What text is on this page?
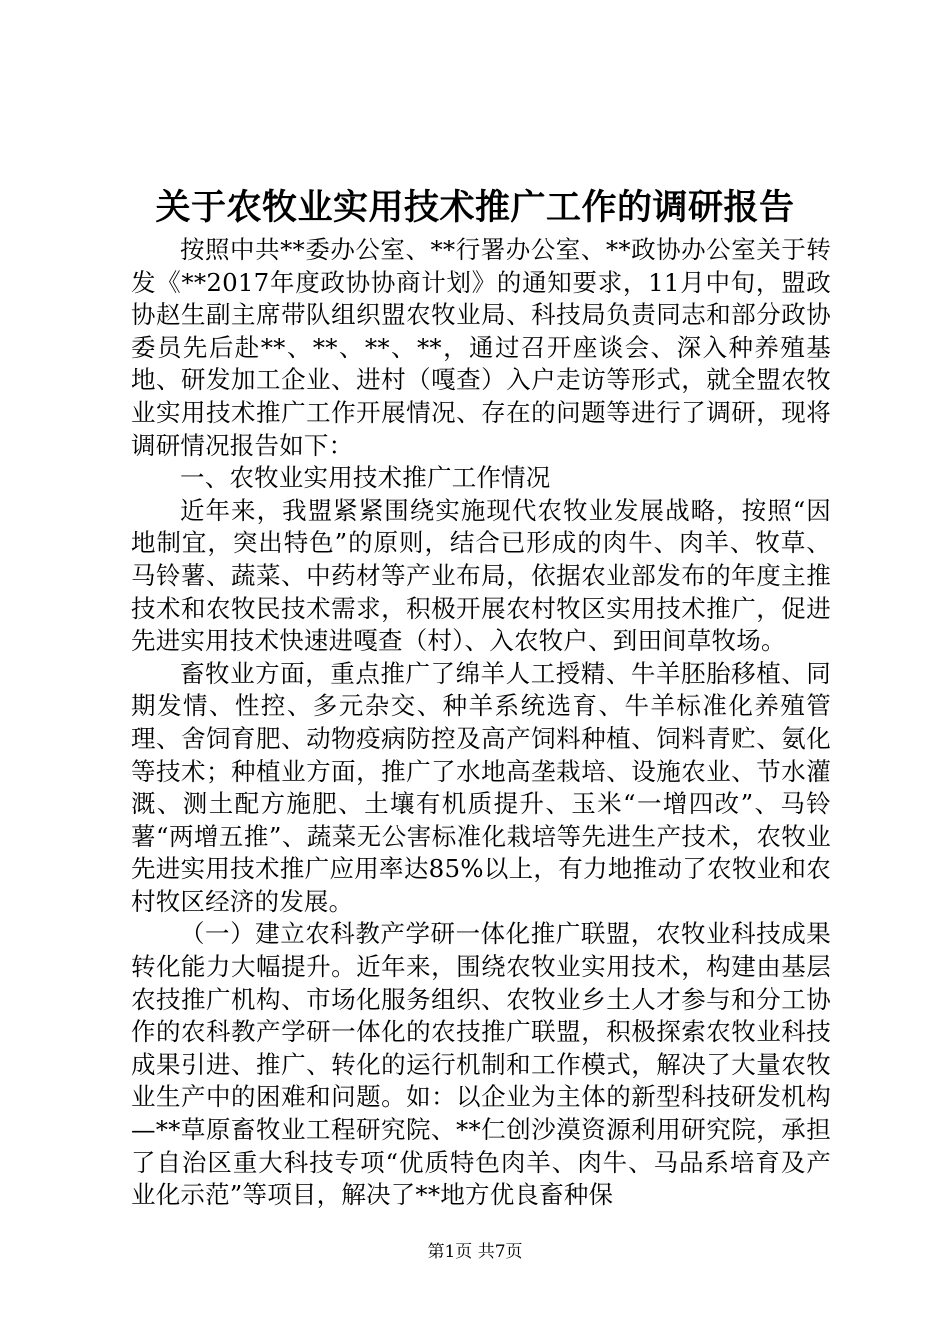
关于农牧业实用技术推广工作的调研报告

按照中共**委办公室、**行署办公室、**政协办公室关于转发《**2017年度政协协商计划》的通知要求，11月中旬，盟政协赵生副主席带队组织盟农牧业局、科技局负责同志和部分政协委员先后赴**、**、**、**，通过召开座谈会、深入种养殖基地、研发加工企业、进村（嘎查）入户走访等形式，就全盟农牧业实用技术推广工作开展情况、存在的问题等进行了调研，现将调研情况报告如下：

一、农牧业实用技术推广工作情况

近年来，我盟紧紧围绕实施现代农牧业发展战略，按照“因地制宜，突出特色”的原则，结合已形成的肉牛、肉羊、牧草、马铃薯、蔬菜、中药材等产业布局，依据农业部发布的年度主推技术和农牧民技术需求，积极开展农村牧区实用技术推广，促进先进实用技术快速进嘎查（村）、入农牧户、到田间草牧场。

畜牧业方面，重点推广了绵羊人工授精、牛羊胚胎移植、同期发情、性控、多元杂交、种羊系统选育、牛羊标准化养殖管理、舍饲育肥、动物疫病防控及高产饲料种植、饲料青贮、氨化等技术；种植业方面，推广了水地高垄栽培、设施农业、节水灌溉、测土配方施肥、土壤有机质提升、玉米“一增四改”、马铃薯“两增五推”、蔬菜无公害标准化栽培等先进生产技术，农牧业先进实用技术推广应用率达85%以上，有力地推动了农牧业和农村牧区经济的发展。

（一）建立农科教产学研一体化推广联盟，农牧业科技成果转化能力大幅提升。近年来，围绕农牧业实用技术，构建由基层农技推广机构、市场化服务组织、农牧业乡土人才参与和分工协作的农科教产学研一体化的农技推广联盟，积极探索农牧业科技成果引进、推广、转化的运行机制和工作模式，解决了大量农牧业生产中的困难和问题。如：以企业为主体的新型科技研发机构—**草原畜牧业工程研究院、**仁创沙漠资源利用研究院，承担了自治区重大科技专项“优质特色肉羊、肉牛、马品系培育及产业化示范”等项目，解决了**地方优良畜种保

第1页 共7页
